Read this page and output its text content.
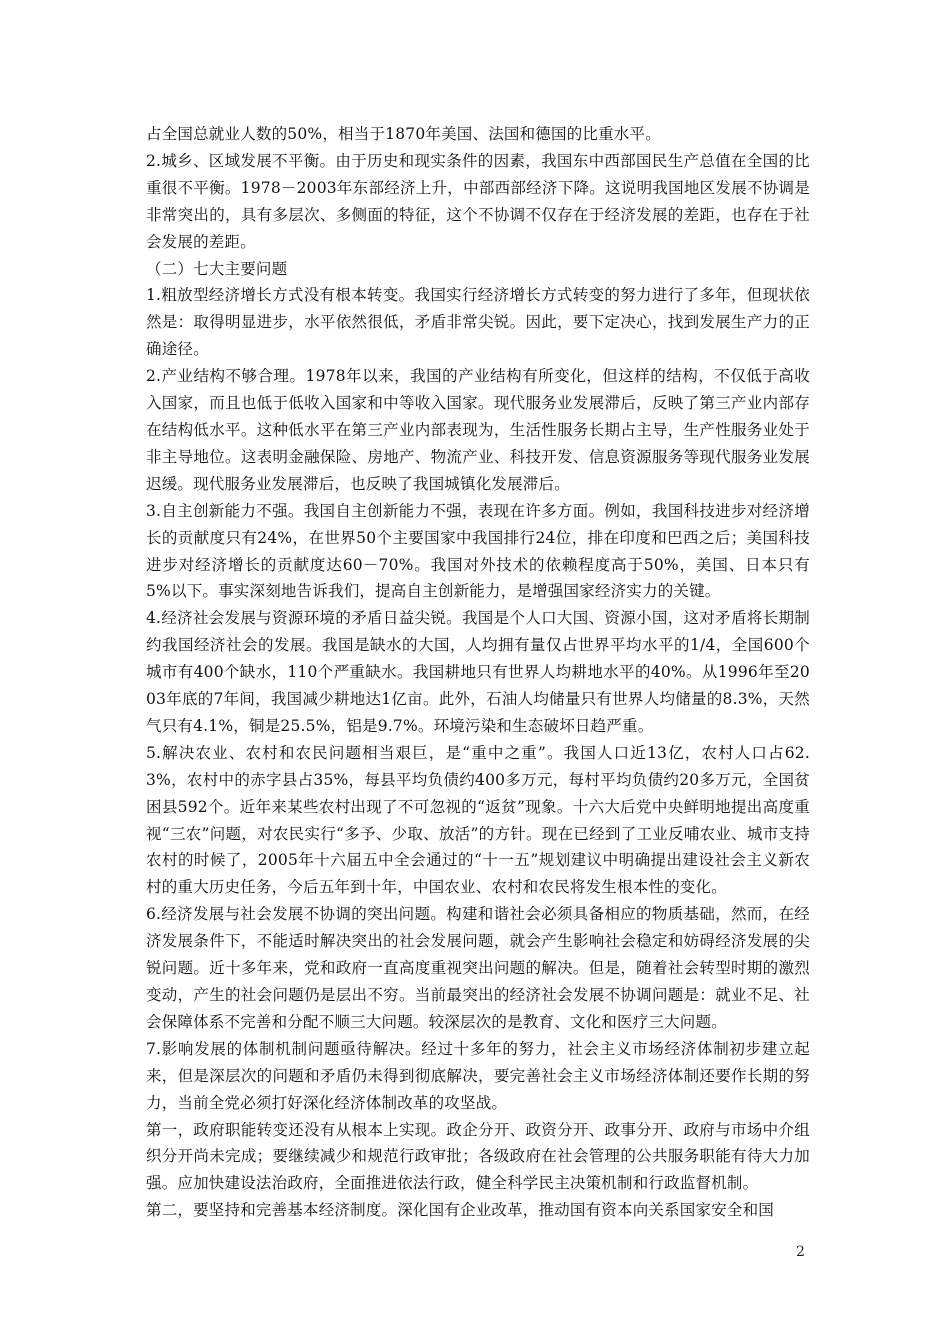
占全国总就业人数的50%，相当于1870年美国、法国和德国的比重水平。

2.城乡、区域发展不平衡。由于历史和现实条件的因素，我国东中西部国民生产总值在全国的比重很不平衡。1978－2003年东部经济上升，中部西部经济下降。这说明我国地区发展不协调是非常突出的，具有多层次、多侧面的特征，这个不协调不仅存在于经济发展的差距，也存在于社会发展的差距。

（二）七大主要问题

1.粗放型经济增长方式没有根本转变。我国实行经济增长方式转变的努力进行了多年，但现状依然是：取得明显进步，水平依然很低，矛盾非常尖锐。因此，要下定决心，找到发展生产力的正确途径。

2.产业结构不够合理。1978年以来，我国的产业结构有所变化，但这样的结构，不仅低于高收入国家，而且也低于低收入国家和中等收入国家。现代服务业发展滞后，反映了第三产业内部存在结构低水平。这种低水平在第三产业内部表现为，生活性服务长期占主导，生产性服务业处于非主导地位。这表明金融保险、房地产、物流产业、科技开发、信息资源服务等现代服务业发展迟缓。现代服务业发展滞后，也反映了我国城镇化发展滞后。

3.自主创新能力不强。我国自主创新能力不强，表现在许多方面。例如，我国科技进步对经济增长的贡献度只有24%，在世界50个主要国家中我国排行24位，排在印度和巴西之后；美国科技进步对经济增长的贡献度达60－70%。我国对外技术的依赖程度高于50%，美国、日本只有5%以下。事实深刻地告诉我们，提高自主创新能力，是增强国家经济实力的关键。

4.经济社会发展与资源环境的矛盾日益尖锐。我国是个人口大国、资源小国，这对矛盾将长期制约我国经济社会的发展。我国是缺水的大国，人均拥有量仅占世界平均水平的1/4，全国600个城市有400个缺水，110个严重缺水。我国耕地只有世界人均耕地水平的40%。从1996年至2003年底的7年间，我国减少耕地达1亿亩。此外，石油人均储量只有世界人均储量的8.3%，天然气只有4.1%，铜是25.5%，铝是9.7%。环境污染和生态破坏日趋严重。

5.解决农业、农村和农民问题相当艰巨，是“重中之重”。我国人口近13亿，农村人口占62.3%，农村中的赤字县占35%，每县平均负债约400多万元，每村平均负债约20多万元，全国贫困县592个。近年来某些农村出现了不可忽视的“返贫”现象。十六大后党中央鲜明地提出高度重视“三农”问题，对农民实行“多予、少取、放活”的方针。现在已经到了工业反哺农业、城市支持农村的时候了，2005年十六届五中全会通过的“十一五”规划建议中明确提出建设社会主义新农村的重大历史任务，今后五年到十年，中国农业、农村和农民将发生根本性的变化。

6.经济发展与社会发展不协调的突出问题。构建和谐社会必须具备相应的物质基础，然而，在经济发展条件下，不能适时解决突出的社会发展问题，就会产生影响社会稳定和妨碍经济发展的尖锐问题。近十多年来，党和政府一直高度重视突出问题的解决。但是，随着社会转型时期的激烈变动，产生的社会问题仍是层出不穷。当前最突出的经济社会发展不协调问题是：就业不足、社会保障体系不完善和分配不顺三大问题。较深层次的是教育、文化和医疗三大问题。

7.影响发展的体制机制问题亟待解决。经过十多年的努力，社会主义市场经济体制初步建立起来，但是深层次的问题和矛盾仍未得到彻底解决，要完善社会主义市场经济体制还要作长期的努力，当前全党必须打好深化经济体制改革的攻坚战。

第一，政府职能转变还没有从根本上实现。政企分开、政资分开、政事分开、政府与市场中介组织分开尚未完成；要继续减少和规范行政审批；各级政府在社会管理的公共服务职能有待大力加强。应加快建设法治政府，全面推进依法行政，健全科学民主决策机制和行政监督机制。

第二，要坚持和完善基本经济制度。深化国有企业改革，推动国有资本向关系国家安全和国

2
